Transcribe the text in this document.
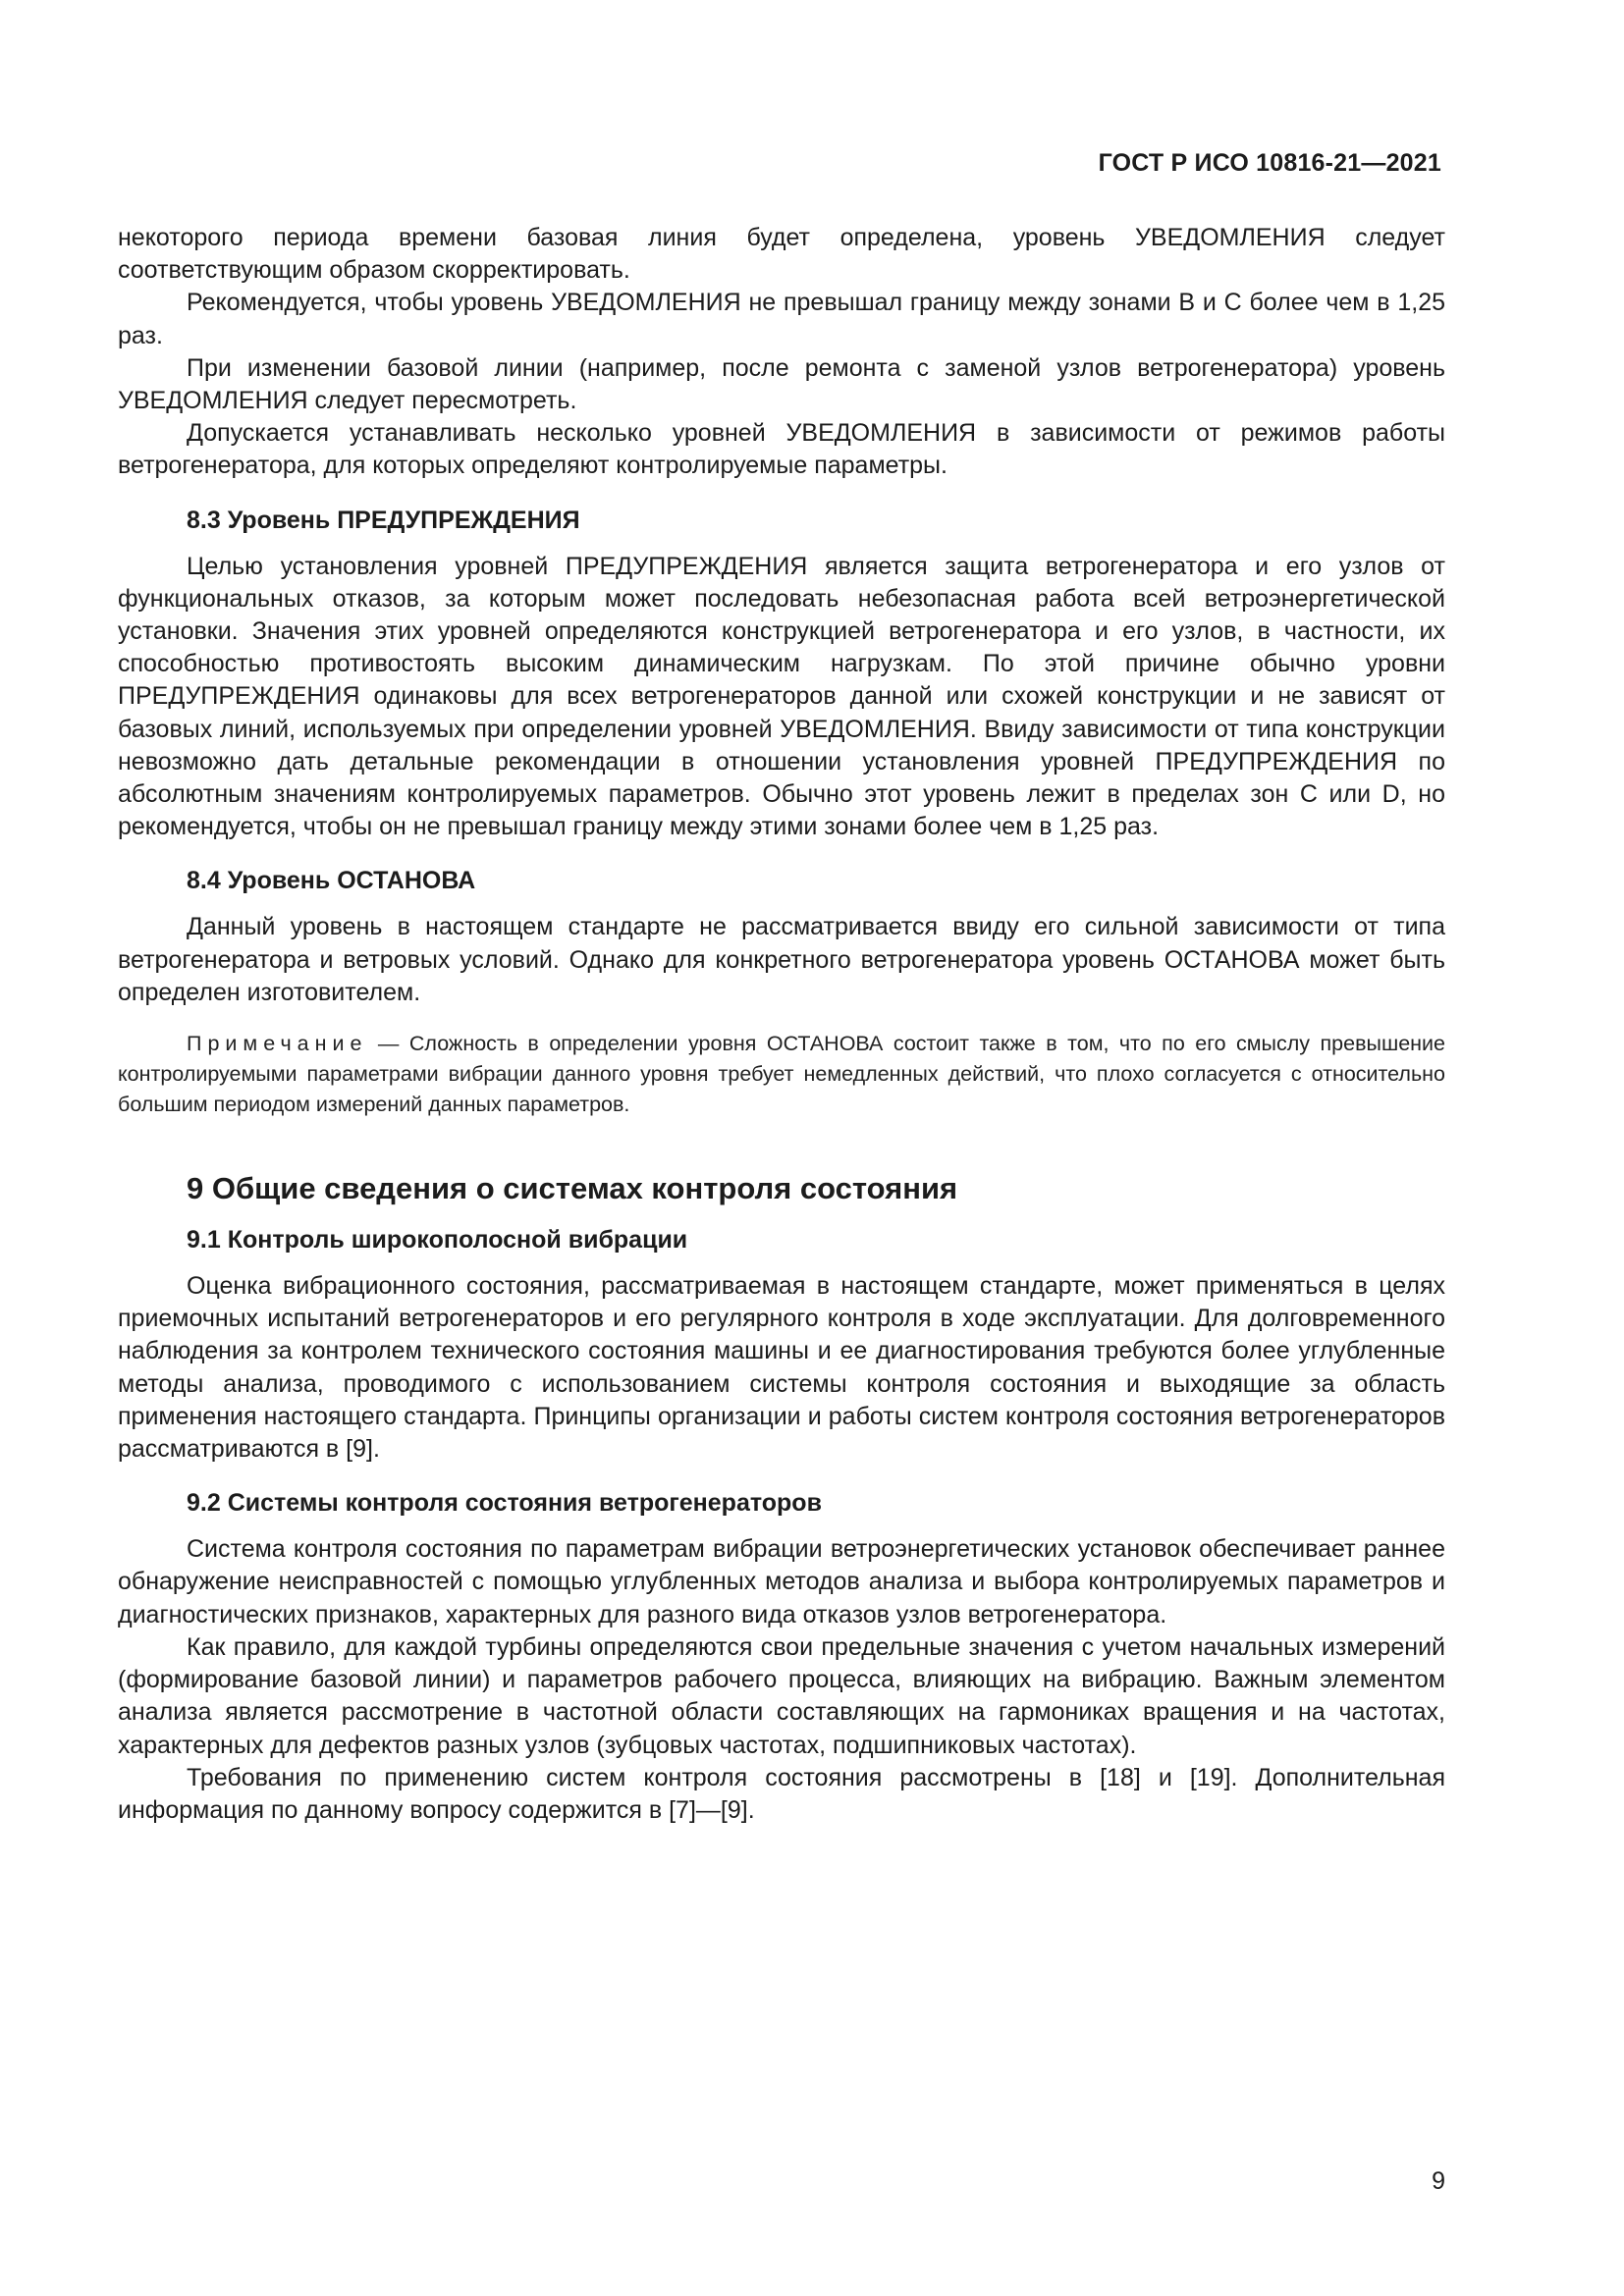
ГОСТ Р ИСО 10816-21—2021

некоторого периода времени базовая линия будет определена, уровень УВЕДОМЛЕНИЯ следует соответствующим образом скорректировать.

Рекомендуется, чтобы уровень УВЕДОМЛЕНИЯ не превышал границу между зонами В и С более чем в 1,25 раз.

При изменении базовой линии (например, после ремонта с заменой узлов ветрогенератора) уровень УВЕДОМЛЕНИЯ следует пересмотреть.

Допускается устанавливать несколько уровней УВЕДОМЛЕНИЯ в зависимости от режимов работы ветрогенератора, для которых определяют контролируемые параметры.

8.3 Уровень ПРЕДУПРЕЖДЕНИЯ

Целью установления уровней ПРЕДУПРЕЖДЕНИЯ является защита ветрогенератора и его узлов от функциональных отказов, за которым может последовать небезопасная работа всей ветроэнергетической установки. Значения этих уровней определяются конструкцией ветрогенератора и его узлов, в частности, их способностью противостоять высоким динамическим нагрузкам. По этой причине обычно уровни ПРЕДУПРЕЖДЕНИЯ одинаковы для всех ветрогенераторов данной или схожей конструкции и не зависят от базовых линий, используемых при определении уровней УВЕДОМЛЕНИЯ. Ввиду зависимости от типа конструкции невозможно дать детальные рекомендации в отношении установления уровней ПРЕДУПРЕЖДЕНИЯ по абсолютным значениям контролируемых параметров. Обычно этот уровень лежит в пределах зон С или D, но рекомендуется, чтобы он не превышал границу между этими зонами более чем в 1,25 раз.

8.4 Уровень ОСТАНОВА

Данный уровень в настоящем стандарте не рассматривается ввиду его сильной зависимости от типа ветрогенератора и ветровых условий. Однако для конкретного ветрогенератора уровень ОСТАНОВА может быть определен изготовителем.

Примечание — Сложность в определении уровня ОСТАНОВА состоит также в том, что по его смыслу превышение контролируемыми параметрами вибрации данного уровня требует немедленных действий, что плохо согласуется с относительно большим периодом измерений данных параметров.
9 Общие сведения о системах контроля состояния
9.1 Контроль широкополосной вибрации

Оценка вибрационного состояния, рассматриваемая в настоящем стандарте, может применяться в целях приемочных испытаний ветрогенераторов и его регулярного контроля в ходе эксплуатации. Для долговременного наблюдения за контролем технического состояния машины и ее диагностирования требуются более углубленные методы анализа, проводимого с использованием системы контроля состояния и выходящие за область применения настоящего стандарта. Принципы организации и работы систем контроля состояния ветрогенераторов рассматриваются в [9].

9.2 Системы контроля состояния ветрогенераторов

Система контроля состояния по параметрам вибрации ветроэнергетических установок обеспечивает раннее обнаружение неисправностей с помощью углубленных методов анализа и выбора контролируемых параметров и диагностических признаков, характерных для разного вида отказов узлов ветрогенератора.

Как правило, для каждой турбины определяются свои предельные значения с учетом начальных измерений (формирование базовой линии) и параметров рабочего процесса, влияющих на вибрацию. Важным элементом анализа является рассмотрение в частотной области составляющих на гармониках вращения и на частотах, характерных для дефектов разных узлов (зубцовых частотах, подшипниковых частотах).

Требования по применению систем контроля состояния рассмотрены в [18] и [19]. Дополнительная информация по данному вопросу содержится в [7]—[9].

9
